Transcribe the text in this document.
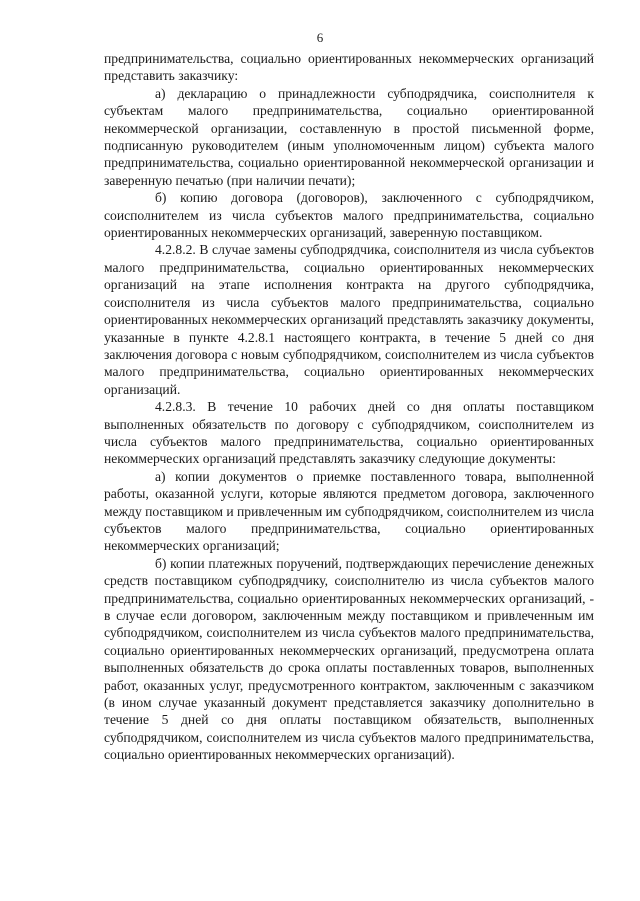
6

предпринимательства, социально ориентированных некоммерческих организаций представить заказчику:

а) декларацию о принадлежности субподрядчика, соисполнителя к субъектам малого предпринимательства, социально ориентированной некоммерческой организации, составленную в простой письменной форме, подписанную руководителем (иным уполномоченным лицом) субъекта малого предпринимательства, социально ориентированной некоммерческой организации и заверенную печатью (при наличии печати);

б) копию договора (договоров), заключенного с субподрядчиком, соисполнителем из числа субъектов малого предпринимательства, социально ориентированных некоммерческих организаций, заверенную поставщиком.

4.2.8.2. В случае замены субподрядчика, соисполнителя из числа субъектов малого предпринимательства, социально ориентированных некоммерческих организаций на этапе исполнения контракта на другого субподрядчика, соисполнителя из числа субъектов малого предпринимательства, социально ориентированных некоммерческих организаций представлять заказчику документы, указанные в пункте 4.2.8.1 настоящего контракта, в течение 5 дней со дня заключения договора с новым субподрядчиком, соисполнителем из числа субъектов малого предпринимательства, социально ориентированных некоммерческих организаций.

4.2.8.3. В течение 10 рабочих дней со дня оплаты поставщиком выполненных обязательств по договору с субподрядчиком, соисполнителем из числа субъектов малого предпринимательства, социально ориентированных некоммерческих организаций представлять заказчику следующие документы:

а) копии документов о приемке поставленного товара, выполненной работы, оказанной услуги, которые являются предметом договора, заключенного между поставщиком и привлеченным им субподрядчиком, соисполнителем из числа субъектов малого предпринимательства, социально ориентированных некоммерческих организаций;

б) копии платежных поручений, подтверждающих перечисление денежных средств поставщиком субподрядчику, соисполнителю из числа субъектов малого предпринимательства, социально ориентированных некоммерческих организаций, - в случае если договором, заключенным между поставщиком и привлеченным им субподрядчиком, соисполнителем из числа субъектов малого предпринимательства, социально ориентированных некоммерческих организаций, предусмотрена оплата выполненных обязательств до срока оплаты поставленных товаров, выполненных работ, оказанных услуг, предусмотренного контрактом, заключенным с заказчиком (в ином случае указанный документ представляется заказчику дополнительно в течение 5 дней со дня оплаты поставщиком обязательств, выполненных субподрядчиком, соисполнителем из числа субъектов малого предпринимательства, социально ориентированных некоммерческих организаций).
